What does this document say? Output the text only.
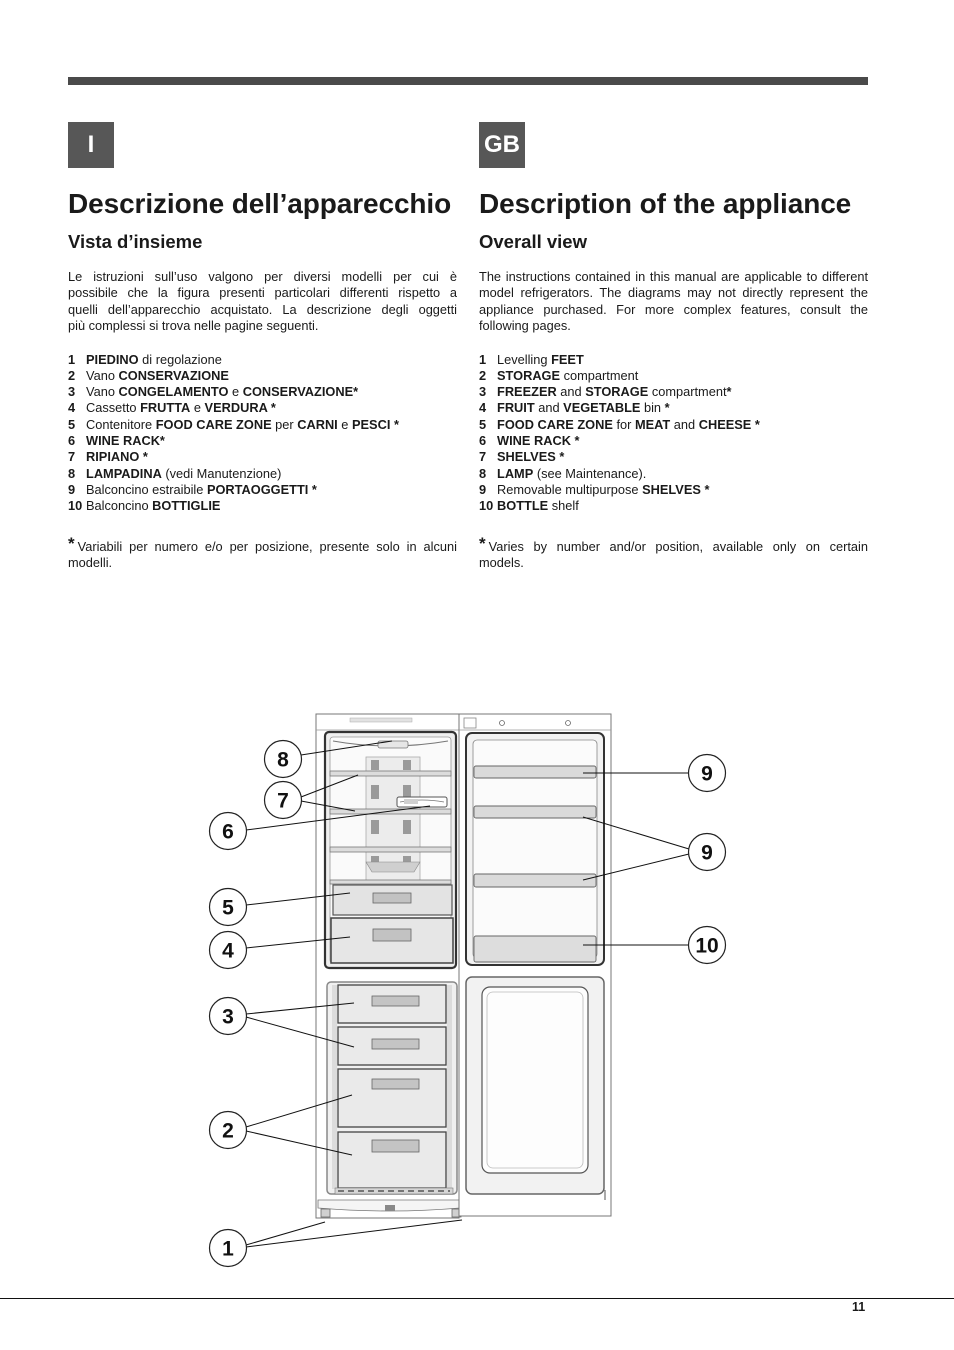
I
Descrizione dell’apparecchio
Vista d’insieme
Le istruzioni sull’uso valgono per diversi modelli per cui è
possibile che la figura presenti particolari differenti rispetto a
quelli dell’apparecchio acquistato. La descrizione degli oggetti
più complessi si trova nelle pagine seguenti.
1 PIEDINO di regolazione
2 Vano CONSERVAZIONE
3 Vano CONGELAMENTO e CONSERVAZIONE*
4 Cassetto FRUTTA e VERDURA *
5 Contenitore FOOD CARE ZONE per CARNI e PESCI *
6 WINE RACK*
7 RIPIANO *
8 LAMPADINA (vedi Manutenzione)
9 Balconcino estraibile PORTAOGGETTI *
10 Balconcino BOTTIGLIE
* Variabili per numero e/o per posizione, presente solo in alcuni
modelli.
GB
Description of the appliance
Overall view
The instructions contained in this manual are applicable to different
model refrigerators. The diagrams may not directly represent the
appliance purchased. For more complex features, consult the
following pages.
1 Levelling FEET
2 STORAGE compartment
3 FREEZER and STORAGE compartment*
4 FRUIT and VEGETABLE bin *
5 FOOD CARE ZONE for MEAT and CHEESE *
6 WINE RACK *
7 SHELVES *
8 LAMP (see Maintenance).
9 Removable multipurpose SHELVES *
10 BOTTLE shelf
* Varies by number and/or position, available only on certain
models.
8
7
6
5
4
3
2
1
9
9
10
11
